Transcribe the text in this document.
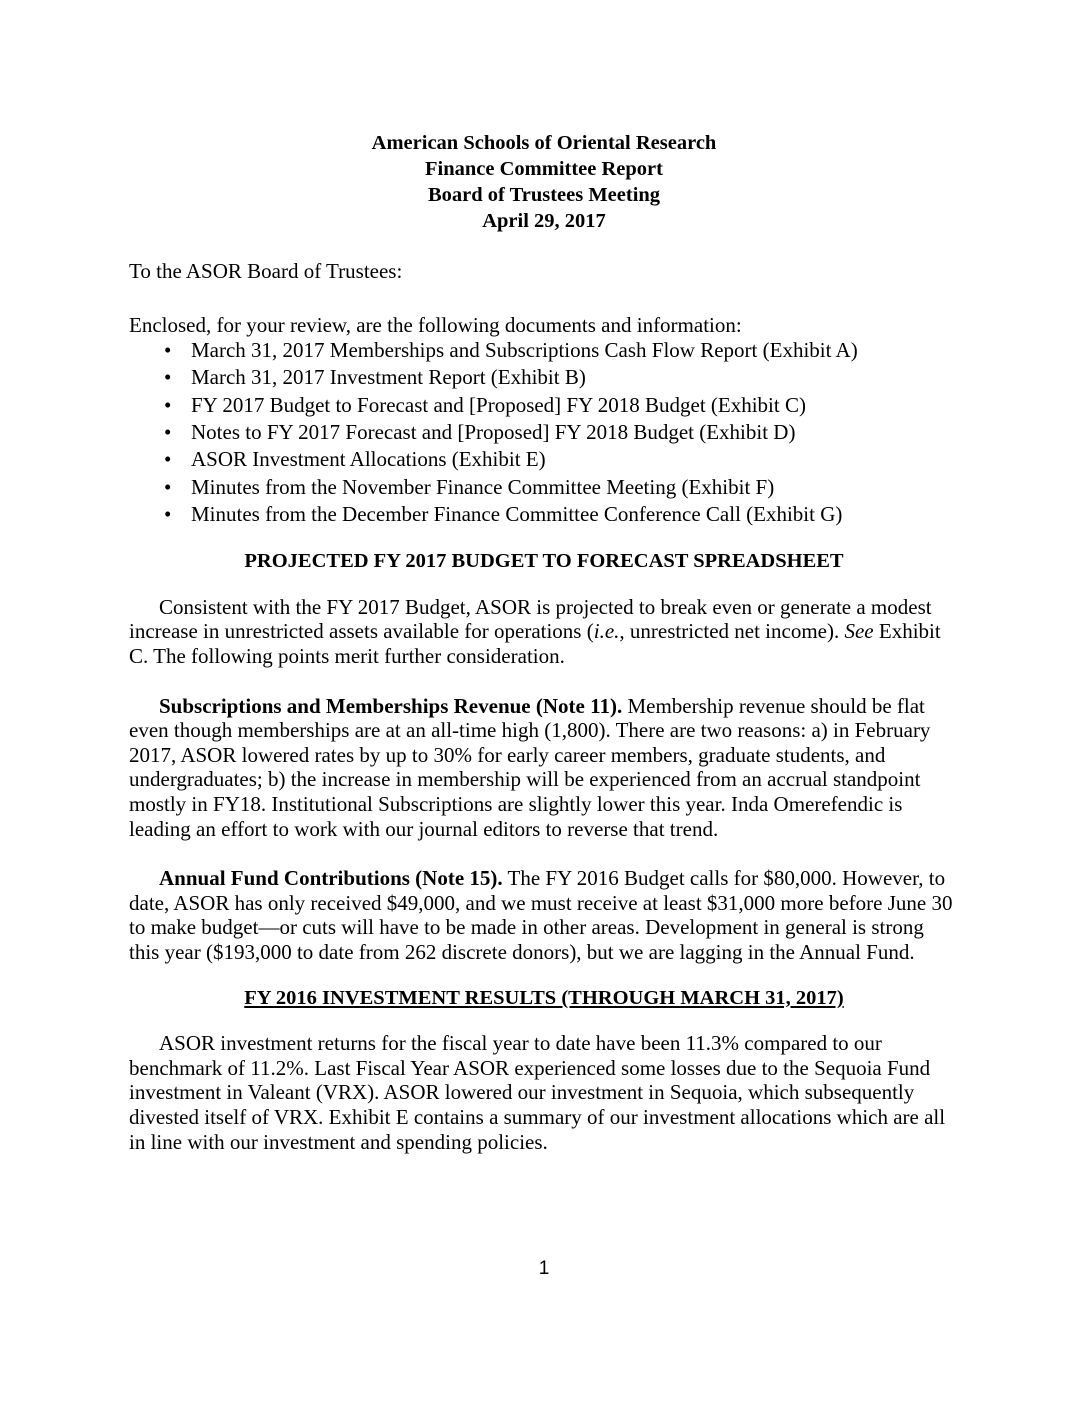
American Schools of Oriental Research
Finance Committee Report
Board of Trustees Meeting
April 29, 2017
To the ASOR Board of Trustees:
Enclosed, for your review, are the following documents and information:
• March 31, 2017 Memberships and Subscriptions Cash Flow Report (Exhibit A)
• March 31, 2017 Investment Report (Exhibit B)
• FY 2017 Budget to Forecast and [Proposed] FY 2018 Budget (Exhibit C)
• Notes to FY 2017 Forecast and [Proposed] FY 2018 Budget (Exhibit D)
• ASOR Investment Allocations (Exhibit E)
• Minutes from the November Finance Committee Meeting (Exhibit F)
• Minutes from the December Finance Committee Conference Call (Exhibit G)
PROJECTED FY 2017 BUDGET TO FORECAST SPREADSHEET
Consistent with the FY 2017 Budget, ASOR is projected to break even or generate a modest increase in unrestricted assets available for operations (i.e., unrestricted net income). See Exhibit C. The following points merit further consideration.
Subscriptions and Memberships Revenue (Note 11). Membership revenue should be flat even though memberships are at an all-time high (1,800). There are two reasons: a) in February 2017, ASOR lowered rates by up to 30% for early career members, graduate students, and undergraduates; b) the increase in membership will be experienced from an accrual standpoint mostly in FY18. Institutional Subscriptions are slightly lower this year. Inda Omerefendic is leading an effort to work with our journal editors to reverse that trend.
Annual Fund Contributions (Note 15). The FY 2016 Budget calls for $80,000. However, to date, ASOR has only received $49,000, and we must receive at least $31,000 more before June 30 to make budget—or cuts will have to be made in other areas. Development in general is strong this year ($193,000 to date from 262 discrete donors), but we are lagging in the Annual Fund.
FY 2016 INVESTMENT RESULTS (THROUGH MARCH 31, 2017)
ASOR investment returns for the fiscal year to date have been 11.3% compared to our benchmark of 11.2%. Last Fiscal Year ASOR experienced some losses due to the Sequoia Fund investment in Valeant (VRX). ASOR lowered our investment in Sequoia, which subsequently divested itself of VRX. Exhibit E contains a summary of our investment allocations which are all in line with our investment and spending policies.
1
